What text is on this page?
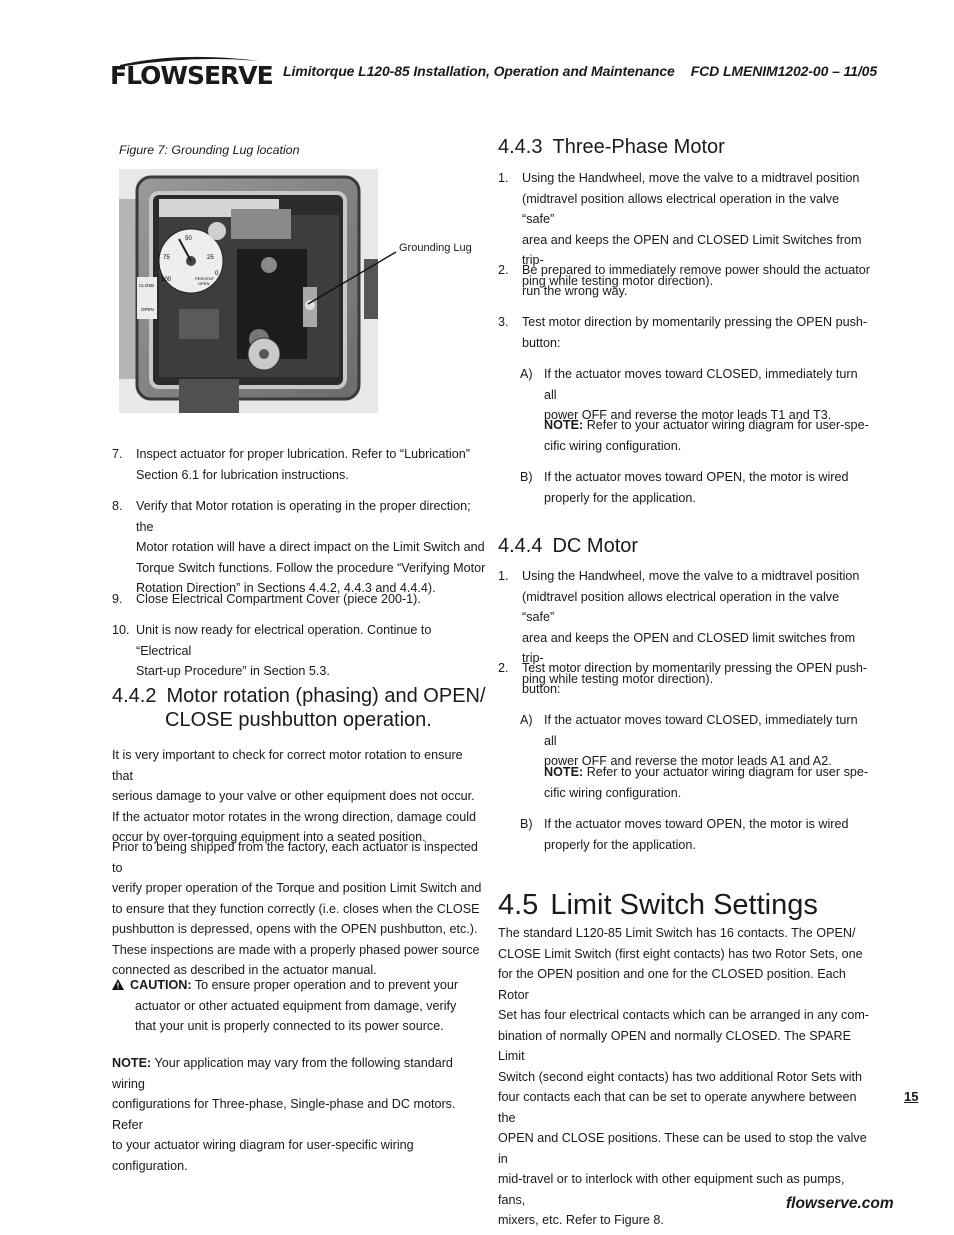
FLOWSERVE Limitorque L120-85 Installation, Operation and Maintenance FCD LMENIM1202-00 – 11/05
Figure 7: Grounding Lug location
50
75	25
0
100	PERCENT
OPEN
CLOSE
OPEN
Grounding Lug
7. Inspect actuator for proper lubrication. Refer to “Lubrication”
Section 6.1 for lubrication instructions.
8. Verify that Motor rotation is operating in the proper direction; the
Motor rotation will have a direct impact on the Limit Switch and
Torque Switch functions. Follow the procedure “Verifying Motor
Rotation Direction” in Sections 4.4.2, 4.4.3 and 4.4.4).
9. Close Electrical Compartment Cover (piece 200-1).
10. Unit is now ready for electrical operation. Continue to “Electrical
Start-up Procedure” in Section 5.3.
4.4.2 Motor rotation (phasing) and OPEN/
CLOSE pushbutton operation.

It is very important to check for correct motor rotation to ensure that

serious damage to your valve or other equipment does not occur.

If the actuator motor rotates in the wrong direction, damage could

occur by over-torquing equipment into a seated position.

Prior to being shipped from the factory, each actuator is inspected to

verify proper operation of the Torque and position Limit Switch and

to ensure that they function correctly (i.e. closes when the CLOSE

pushbutton is depressed, opens with the OPEN pushbutton, etc.).

These inspections are made with a properly phased power source

connected as described in the actuator manual.

CAUTION: To ensure proper operation and to prevent your

actuator or other actuated equipment from damage, verify

that your unit is properly connected to its power source.

NOTE: Your application may vary from the following standard wiring

configurations for Three-phase, Single-phase and DC motors. Refer

to your actuator wiring diagram for user-specific wiring configuration.

4.4.3 Three-Phase Motor
1. Using the Handwheel, move the valve to a midtravel position
(midtravel position allows electrical operation in the valve “safe”
area and keeps the OPEN and CLOSED Limit Switches from trip-
ping while testing motor direction).
2. Be prepared to immediately remove power should the actuator
run the wrong way.
3. Test motor direction by momentarily pressing the OPEN push-
button:
A) If the actuator moves toward CLOSED, immediately turn all
power OFF and reverse the motor leads T1 and T3.
NOTE: Refer to your actuator wiring diagram for user-spe-
cific wiring configuration.
B) If the actuator moves toward OPEN, the motor is wired
properly for the application.
4.4.4 DC Motor
1. Using the Handwheel, move the valve to a midtravel position
(midtravel position allows electrical operation in the valve “safe”
area and keeps the OPEN and CLOSED limit switches from trip-
ping while testing motor direction).
2. Test motor direction by momentarily pressing the OPEN push-
button:
A) If the actuator moves toward CLOSED, immediately turn all
power OFF and reverse the motor leads A1 and A2.
NOTE: Refer to your actuator wiring diagram for user spe-
cific wiring configuration.
B) If the actuator moves toward OPEN, the motor is wired
properly for the application.
4.5 Limit Switch Settings

The standard L120-85 Limit Switch has 16 contacts. The OPEN/

CLOSE Limit Switch (first eight contacts) has two Rotor Sets, one

for the OPEN position and one for the CLOSED position. Each Rotor

Set has four electrical contacts which can be arranged in any com-

bination of normally OPEN and normally CLOSED. The SPARE Limit

Switch (second eight contacts) has two additional Rotor Sets with

four contacts each that can be set to operate anywhere between the

OPEN and CLOSE positions. These can be used to stop the valve in

mid-travel or to interlock with other equipment such as pumps, fans,

mixers, etc. Refer to Figure 8.

15
flowserve.com
